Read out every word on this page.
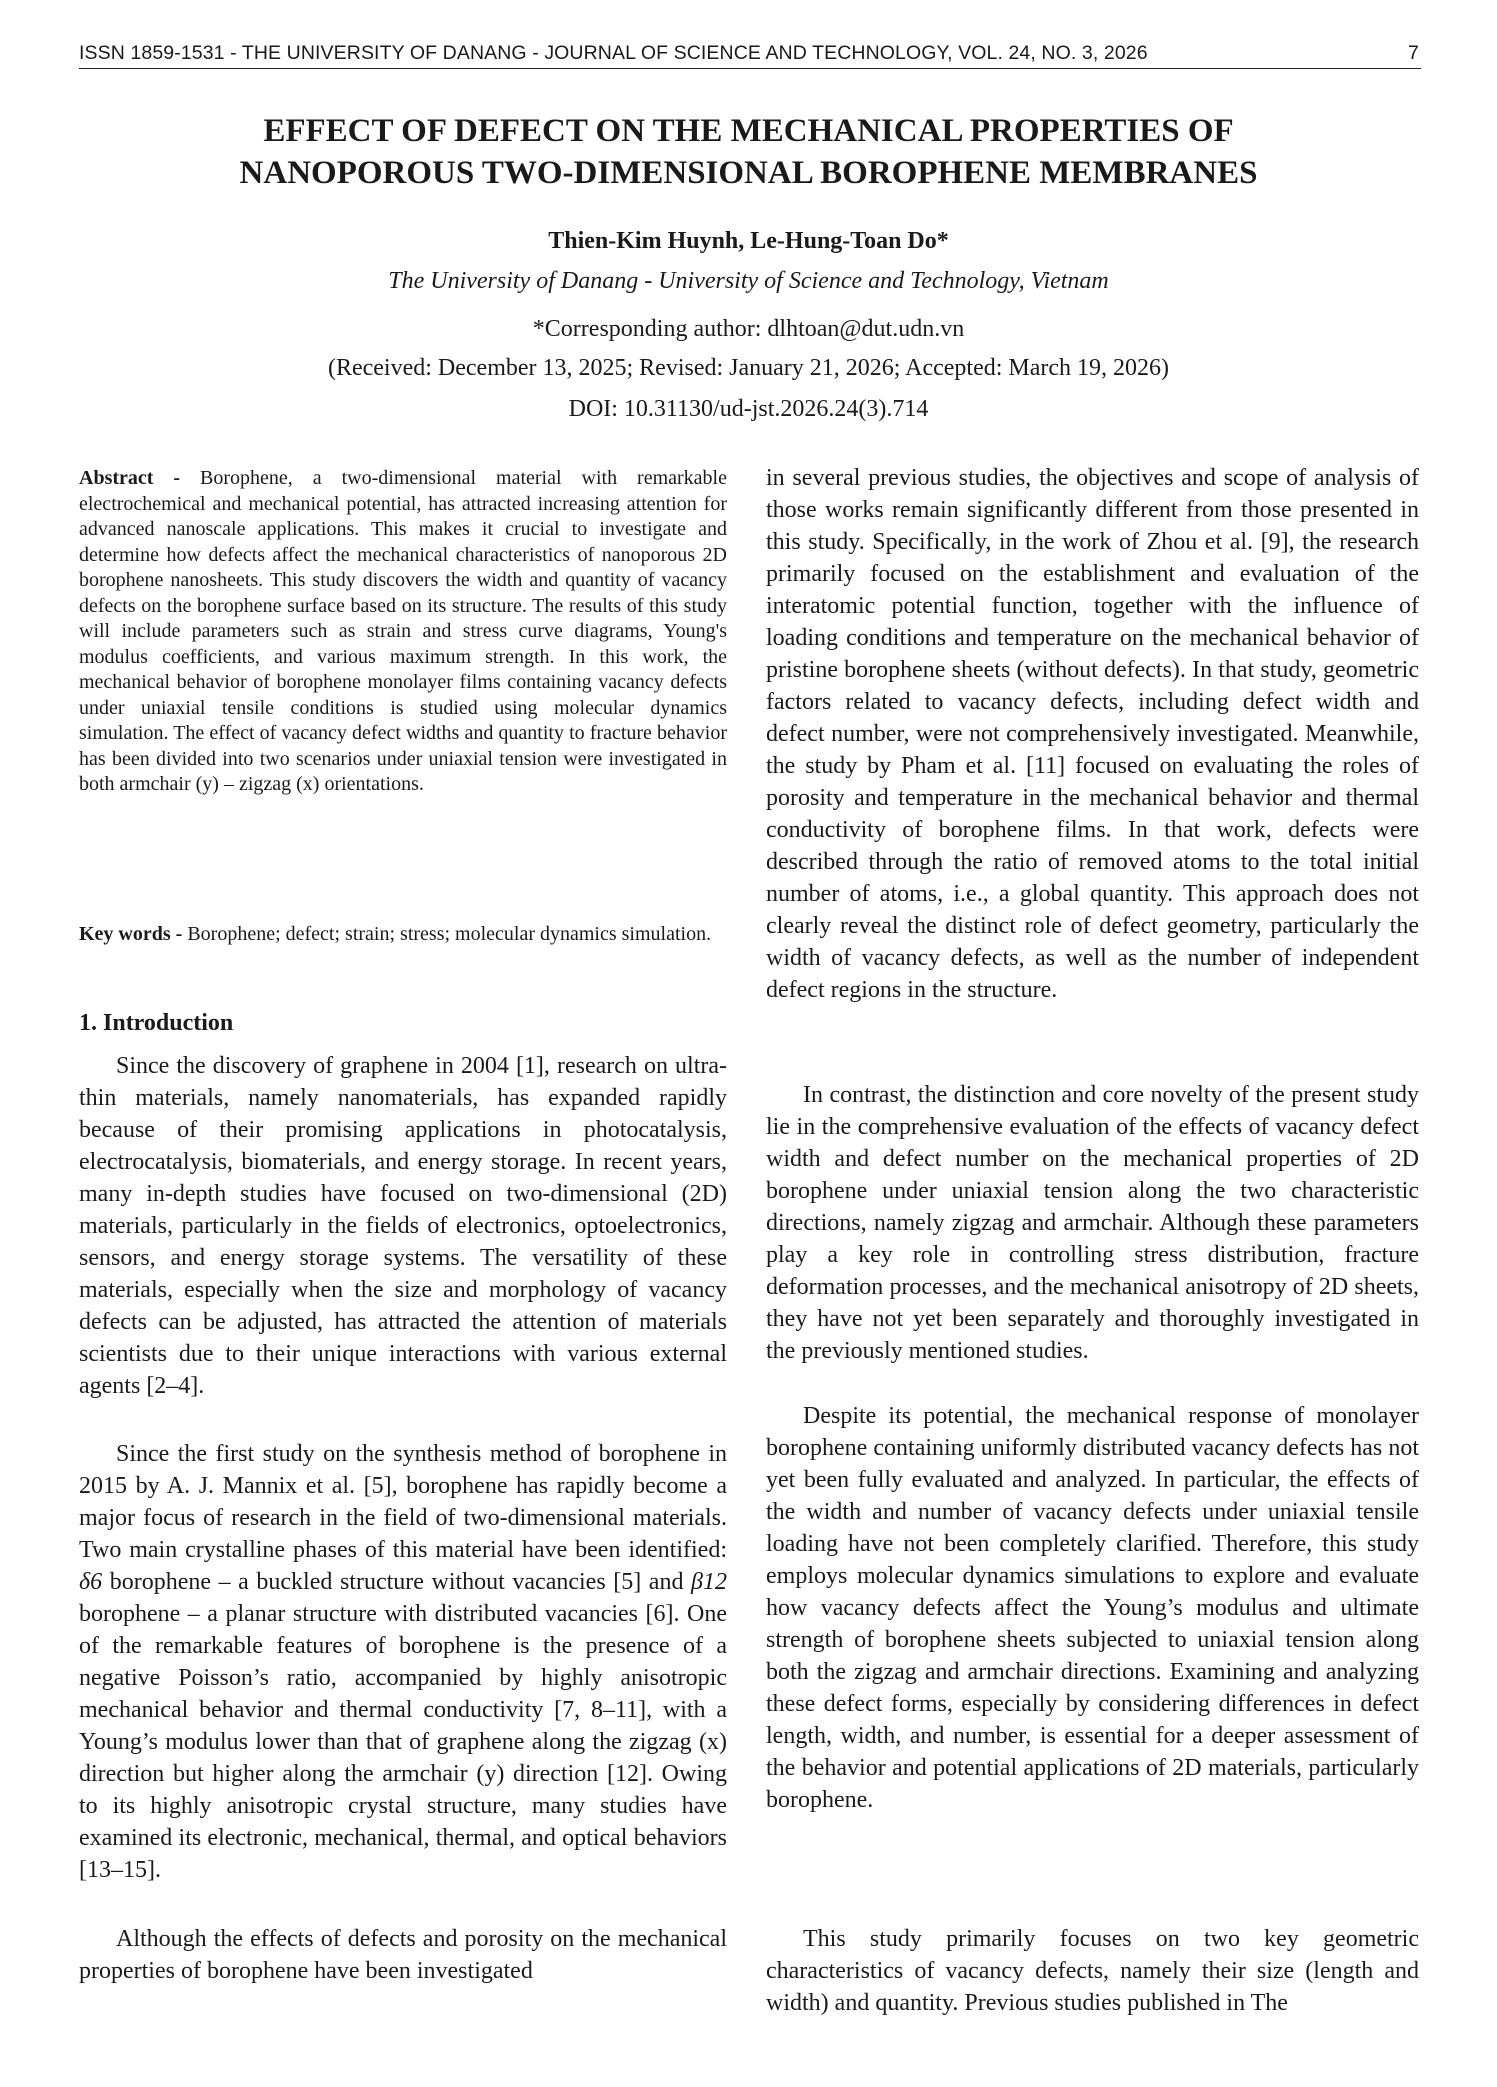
ISSN 1859-1531 - THE UNIVERSITY OF DANANG - JOURNAL OF SCIENCE AND TECHNOLOGY, VOL. 24, NO. 3, 2026	7
EFFECT OF DEFECT ON THE MECHANICAL PROPERTIES OF
NANOPOROUS TWO-DIMENSIONAL BOROPHENE MEMBRANES
Thien-Kim Huynh, Le-Hung-Toan Do*
The University of Danang - University of Science and Technology, Vietnam
*Corresponding author: dlhtoan@dut.udn.vn
(Received: December 13, 2025; Revised: January 21, 2026; Accepted: March 19, 2026)
DOI: 10.31130/ud-jst.2026.24(3).714

Abstract - Borophene, a two-dimensional material with remarkable electrochemical and mechanical potential, has attracted increasing attention for advanced nanoscale applications. This makes it crucial to investigate and determine how defects affect the mechanical characteristics of nanoporous 2D borophene nanosheets. This study discovers the width and quantity of vacancy defects on the borophene surface based on its structure. The results of this study will include parameters such as strain and stress curve diagrams, Young's modulus coefficients, and various maximum strength. In this work, the mechanical behavior of borophene monolayer films containing vacancy defects under uniaxial tensile conditions is studied using molecular dynamics simulation. The effect of vacancy defect widths and quantity to fracture behavior has been divided into two scenarios under uniaxial tension were investigated in both armchair (y) – zigzag (x) orientations.

Key words - Borophene; defect; strain; stress; molecular dynamics simulation.

1. Introduction

Since the discovery of graphene in 2004 [1], research on ultra-thin materials, namely nanomaterials, has expanded rapidly because of their promising applications in photocatalysis, electrocatalysis, biomaterials, and energy storage. In recent years, many in-depth studies have focused on two-dimensional (2D) materials, particularly in the fields of electronics, optoelectronics, sensors, and energy storage systems. The versatility of these materials, especially when the size and morphology of vacancy defects can be adjusted, has attracted the attention of materials scientists due to their unique interactions with various external agents [2–4].

Since the first study on the synthesis method of borophene in 2015 by A. J. Mannix et al. [5], borophene has rapidly become a major focus of research in the field of two-dimensional materials. Two main crystalline phases of this material have been identified: δ6 borophene – a buckled structure without vacancies [5] and β12 borophene – a planar structure with distributed vacancies [6]. One of the remarkable features of borophene is the presence of a negative Poisson’s ratio, accompanied by highly anisotropic mechanical behavior and thermal conductivity [7, 8–11], with a Young’s modulus lower than that of graphene along the zigzag (x) direction but higher along the armchair (y) direction [12]. Owing to its highly anisotropic crystal structure, many studies have examined its electronic, mechanical, thermal, and optical behaviors [13–15].

Although the effects of defects and porosity on the mechanical properties of borophene have been investigated

in several previous studies, the objectives and scope of analysis of those works remain significantly different from those presented in this study. Specifically, in the work of Zhou et al. [9], the research primarily focused on the establishment and evaluation of the interatomic potential function, together with the influence of loading conditions and temperature on the mechanical behavior of pristine borophene sheets (without defects). In that study, geometric factors related to vacancy defects, including defect width and defect number, were not comprehensively investigated. Meanwhile, the study by Pham et al. [11] focused on evaluating the roles of porosity and temperature in the mechanical behavior and thermal conductivity of borophene films. In that work, defects were described through the ratio of removed atoms to the total initial number of atoms, i.e., a global quantity. This approach does not clearly reveal the distinct role of defect geometry, particularly the width of vacancy defects, as well as the number of independent defect regions in the structure.

In contrast, the distinction and core novelty of the present study lie in the comprehensive evaluation of the effects of vacancy defect width and defect number on the mechanical properties of 2D borophene under uniaxial tension along the two characteristic directions, namely zigzag and armchair. Although these parameters play a key role in controlling stress distribution, fracture deformation processes, and the mechanical anisotropy of 2D sheets, they have not yet been separately and thoroughly investigated in the previously mentioned studies.

Despite its potential, the mechanical response of monolayer borophene containing uniformly distributed vacancy defects has not yet been fully evaluated and analyzed. In particular, the effects of the width and number of vacancy defects under uniaxial tensile loading have not been completely clarified. Therefore, this study employs molecular dynamics simulations to explore and evaluate how vacancy defects affect the Young’s modulus and ultimate strength of borophene sheets subjected to uniaxial tension along both the zigzag and armchair directions. Examining and analyzing these defect forms, especially by considering differences in defect length, width, and number, is essential for a deeper assessment of the behavior and potential applications of 2D materials, particularly borophene.

This study primarily focuses on two key geometric characteristics of vacancy defects, namely their size (length and width) and quantity. Previous studies published in The
